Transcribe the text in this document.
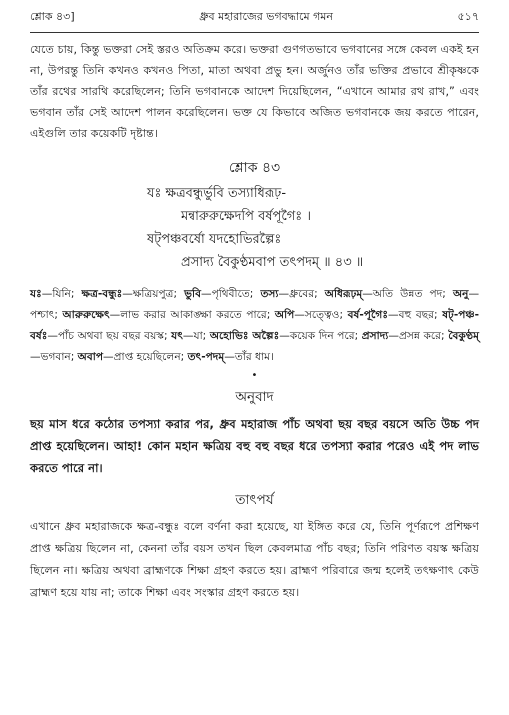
শ্লোক ৪৩]	ধ্রুব মহারাজের ভগবদ্ধামে গমন	৫১৭

যেতে চায়, কিন্তু ভক্তরা সেই স্তরও অতিক্রম করে। ভক্তরা গুণগতভাবে ভগবানের সঙ্গে কেবল একই হন না, উপরন্তু তিনি কখনও কখনও পিতা, মাতা অথবা প্রভু হন। অর্জুনও তাঁর ভক্তির প্রভাবে শ্রীকৃষ্ণকে তাঁর রথের সারথি করেছিলেন; তিনি ভগবানকে আদেশ দিয়েছিলেন, “এখানে আমার রথ রাখ,” এবং ভগবান তাঁর সেই আদেশ পালন করেছিলেন। ভক্ত যে কিভাবে অজিত ভগবানকে জয় করতে পারেন, এইগুলি তার কয়েকটি দৃষ্টান্ত।

শ্লোক ৪৩
যঃ ক্ষত্রবন্ধুর্ভুবি তস্যাধিরূঢ়-
মন্বারুরুক্ষেদপি বর্ষপূগৈঃ ।
ষট্‌পঞ্চবর্ষো যদহোভিরল্পৈঃ
প্রসাদ্য বৈকুণ্ঠমবাপ তৎপদম্ ॥ ৪৩ ॥
যঃ—যিনি; ক্ষত্র-বন্ধুঃ—ক্ষত্রিয়পুত্র; ভুবি—পৃথিবীতে; তস্য—ধ্রুবের; অধিরূঢ়ম্—অতি উন্নত পদ; অনু—পশ্চাৎ; আরুরুক্ষেৎ—লাভ করার আকাঙ্ক্ষা করতে পারে; অপি—সত্ত্বেও; বর্ষ-পূগৈঃ—বহু বছর; ষট্-পঞ্চ-বর্ষঃ—পাঁচ অথবা ছয় বছর বয়স্ক; যৎ—যা; অহোভিঃ অল্পৈঃ—কয়েক দিন পরে; প্রসাদ্য—প্রসন্ন করে; বৈকুণ্ঠম্—ভগবান; অবাপ—প্রাপ্ত হয়েছিলেন; তৎ-পদম্—তাঁর ধাম।
•
অনুবাদ

ছয় মাস ধরে কঠোর তপস্যা করার পর, ধ্রুব মহারাজ পাঁচ অথবা ছয় বছর বয়সে অতি উচ্চ পদ প্রাপ্ত হয়েছিলেন। আহা! কোন মহান ক্ষত্রিয় বহু বহু বছর ধরে তপস্যা করার পরেও এই পদ লাভ করতে পারে না।

তাৎপর্য

এখানে ধ্রুব মহারাজকে ক্ষত্র-বন্ধুঃ বলে বর্ণনা করা হয়েছে, যা ইঙ্গিত করে যে, তিনি পূর্ণরূপে প্রশিক্ষণ প্রাপ্ত ক্ষত্রিয় ছিলেন না, কেননা তাঁর বয়স তখন ছিল কেবলমাত্র পাঁচ বছর; তিনি পরিণত বয়স্ক ক্ষত্রিয় ছিলেন না। ক্ষত্রিয় অথবা ব্রাহ্মণকে শিক্ষা গ্রহণ করতে হয়। ব্রাহ্মণ পরিবারে জন্ম হলেই তৎক্ষণাৎ কেউ ব্রাহ্মণ হয়ে যায় না; তাকে শিক্ষা এবং সংস্কার গ্রহণ করতে হয়।
